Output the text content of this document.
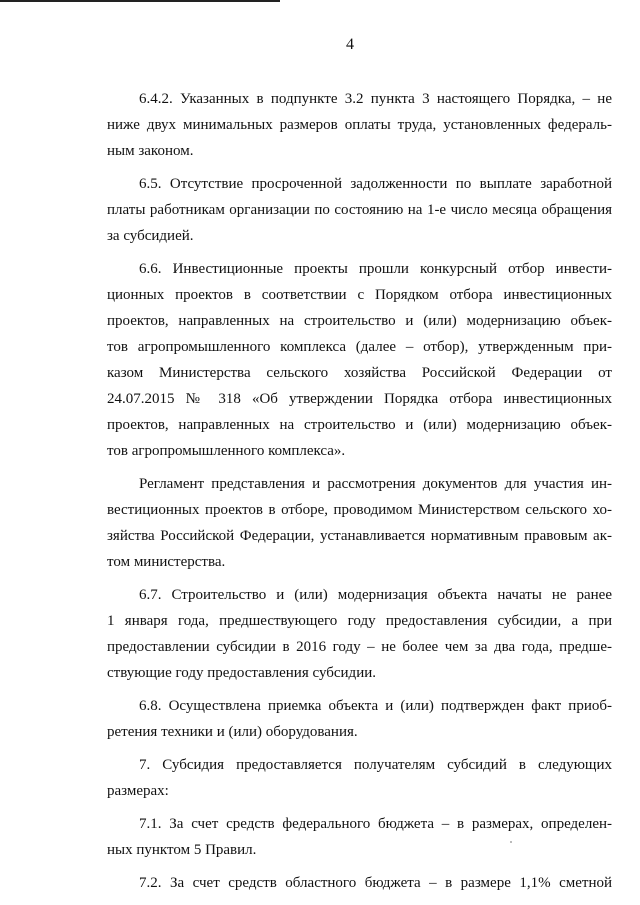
4
6.4.2. Указанных в подпункте 3.2 пункта 3 настоящего Порядка, – не
ниже двух минимальных размеров оплаты труда, установленных федераль-
ным законом.
6.5. Отсутствие просроченной задолженности по выплате заработной
платы работникам организации по состоянию на 1-е число месяца обращения
за субсидией.
6.6. Инвестиционные проекты прошли конкурсный отбор инвести-
ционных проектов в соответствии с Порядком отбора инвестиционных
проектов, направленных на строительство и (или) модернизацию объек-
тов агропромышленного комплекса (далее – отбор), утвержденным при-
казом Министерства сельского хозяйства Российской Федерации от
24.07.2015 № 318 «Об утверждении Порядка отбора инвестиционных
проектов, направленных на строительство и (или) модернизацию объек-
тов агропромышленного комплекса».
Регламент представления и рассмотрения документов для участия ин-
вестиционных проектов в отборе, проводимом Министерством сельского хо-
зяйства Российской Федерации, устанавливается нормативным правовым ак-
том министерства.
6.7. Строительство и (или) модернизация объекта начаты не ранее
1 января года, предшествующего году предоставления субсидии, а при
предоставлении субсидии в 2016 году – не более чем за два года, предше-
ствующие году предоставления субсидии.
6.8. Осуществлена приемка объекта и (или) подтвержден факт приоб-
ретения техники и (или) оборудования.
7. Субсидия предоставляется получателям субсидий в следующих
размерах:
7.1. За счет средств федерального бюджета – в размерах, определен-
ных пунктом 5 Правил.
7.2. За счет средств областного бюджета – в размере 1,1% сметной
